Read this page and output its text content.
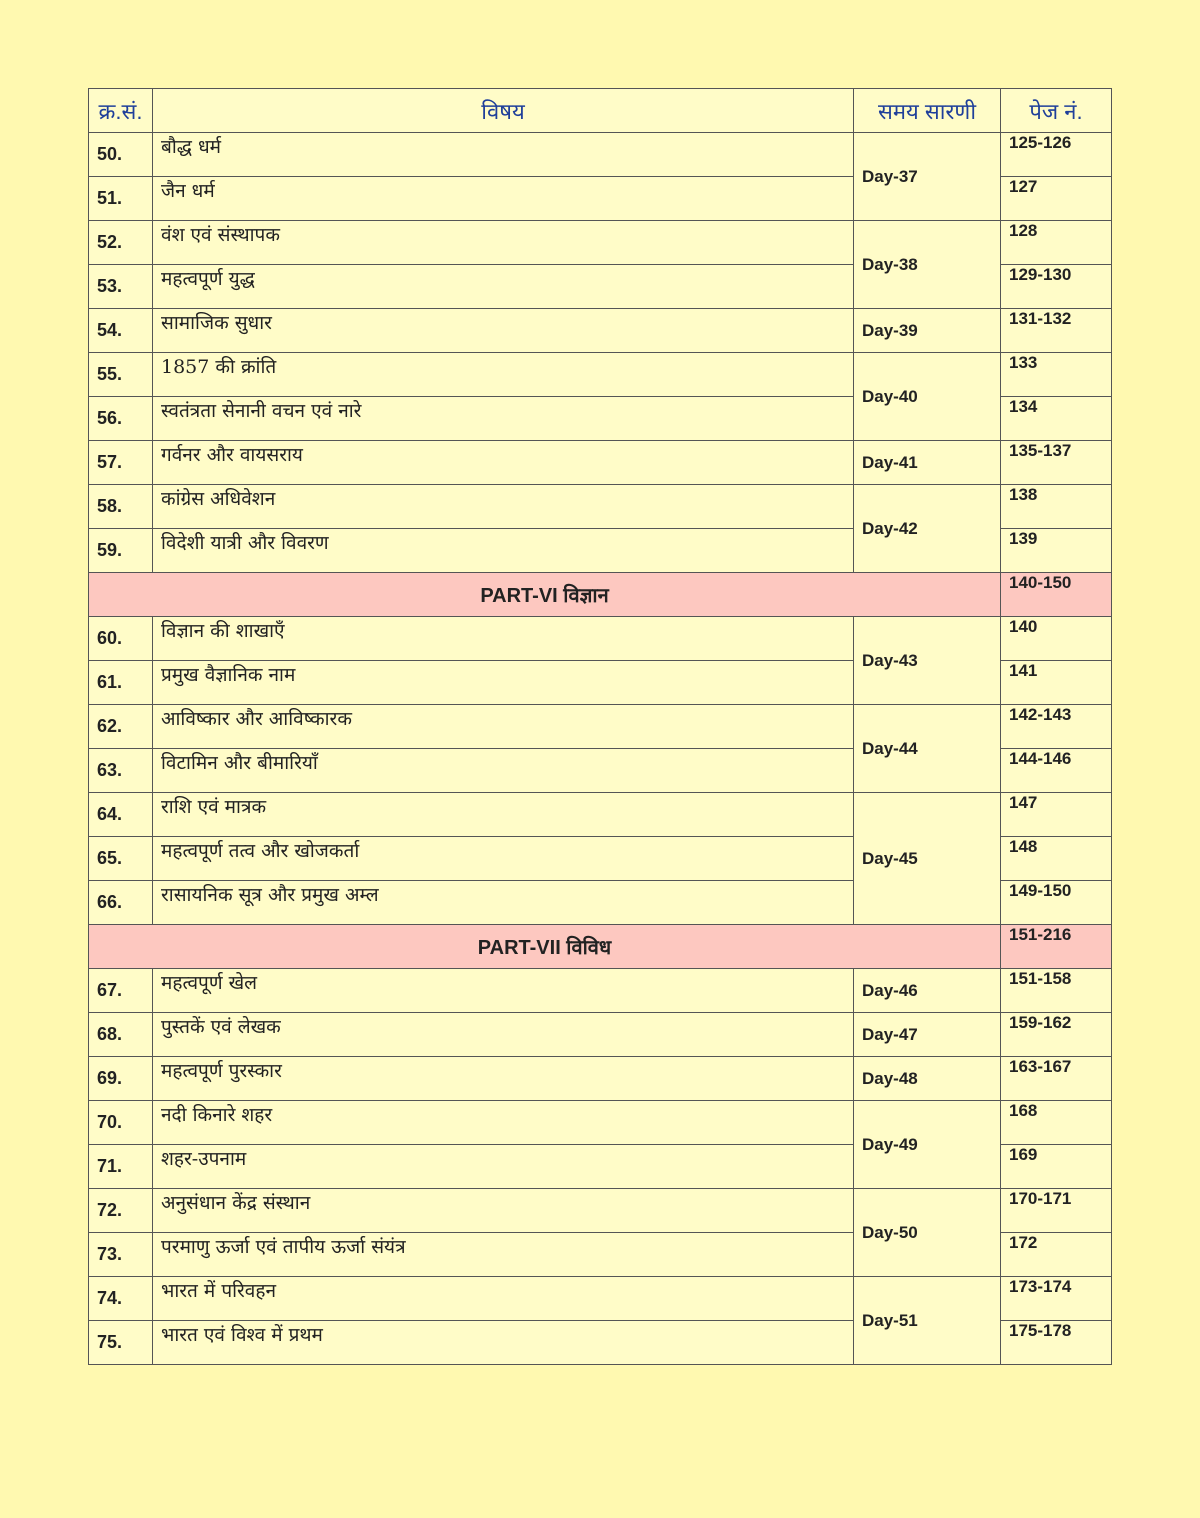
क्र.सं.	विषय	समय सारणी	पेज नं.
50.	बौद्ध धर्म	Day-37	125-126
51.	जैन धर्म		127
52.	वंश एवं संस्थापक	Day-38	128
53.	महत्वपूर्ण युद्ध		129-130
54.	सामाजिक सुधार	Day-39	131-132
55.	1857 की क्रांति	Day-40	133
56.	स्वतंत्रता सेनानी वचन एवं नारे		134
57.	गर्वनर और वायसराय	Day-41	135-137
58.	कांग्रेस अधिवेशन	Day-42	138
59.	विदेशी यात्री और विवरण		139
PART-VI विज्ञान			140-150
60.	विज्ञान की शाखाएँ	Day-43	140
61.	प्रमुख वैज्ञानिक नाम		141
62.	आविष्कार और आविष्कारक	Day-44	142-143
63.	विटामिन और बीमारियाँ		144-146
64.	राशि एवं मात्रक	Day-45	147
65.	महत्वपूर्ण तत्व और खोजकर्ता		148
66.	रासायनिक सूत्र और प्रमुख अम्ल		149-150
PART-VII विविध			151-216
67.	महत्वपूर्ण खेल	Day-46	151-158
68.	पुस्तकें एवं लेखक	Day-47	159-162
69.	महत्वपूर्ण पुरस्कार	Day-48	163-167
70.	नदी किनारे शहर	Day-49	168
71.	शहर-उपनाम		169
72.	अनुसंधान केंद्र संस्थान	Day-50	170-171
73.	परमाणु ऊर्जा एवं तापीय ऊर्जा संयंत्र		172
74.	भारत में परिवहन	Day-51	173-174
75.	भारत एवं विश्व में प्रथम		175-178
